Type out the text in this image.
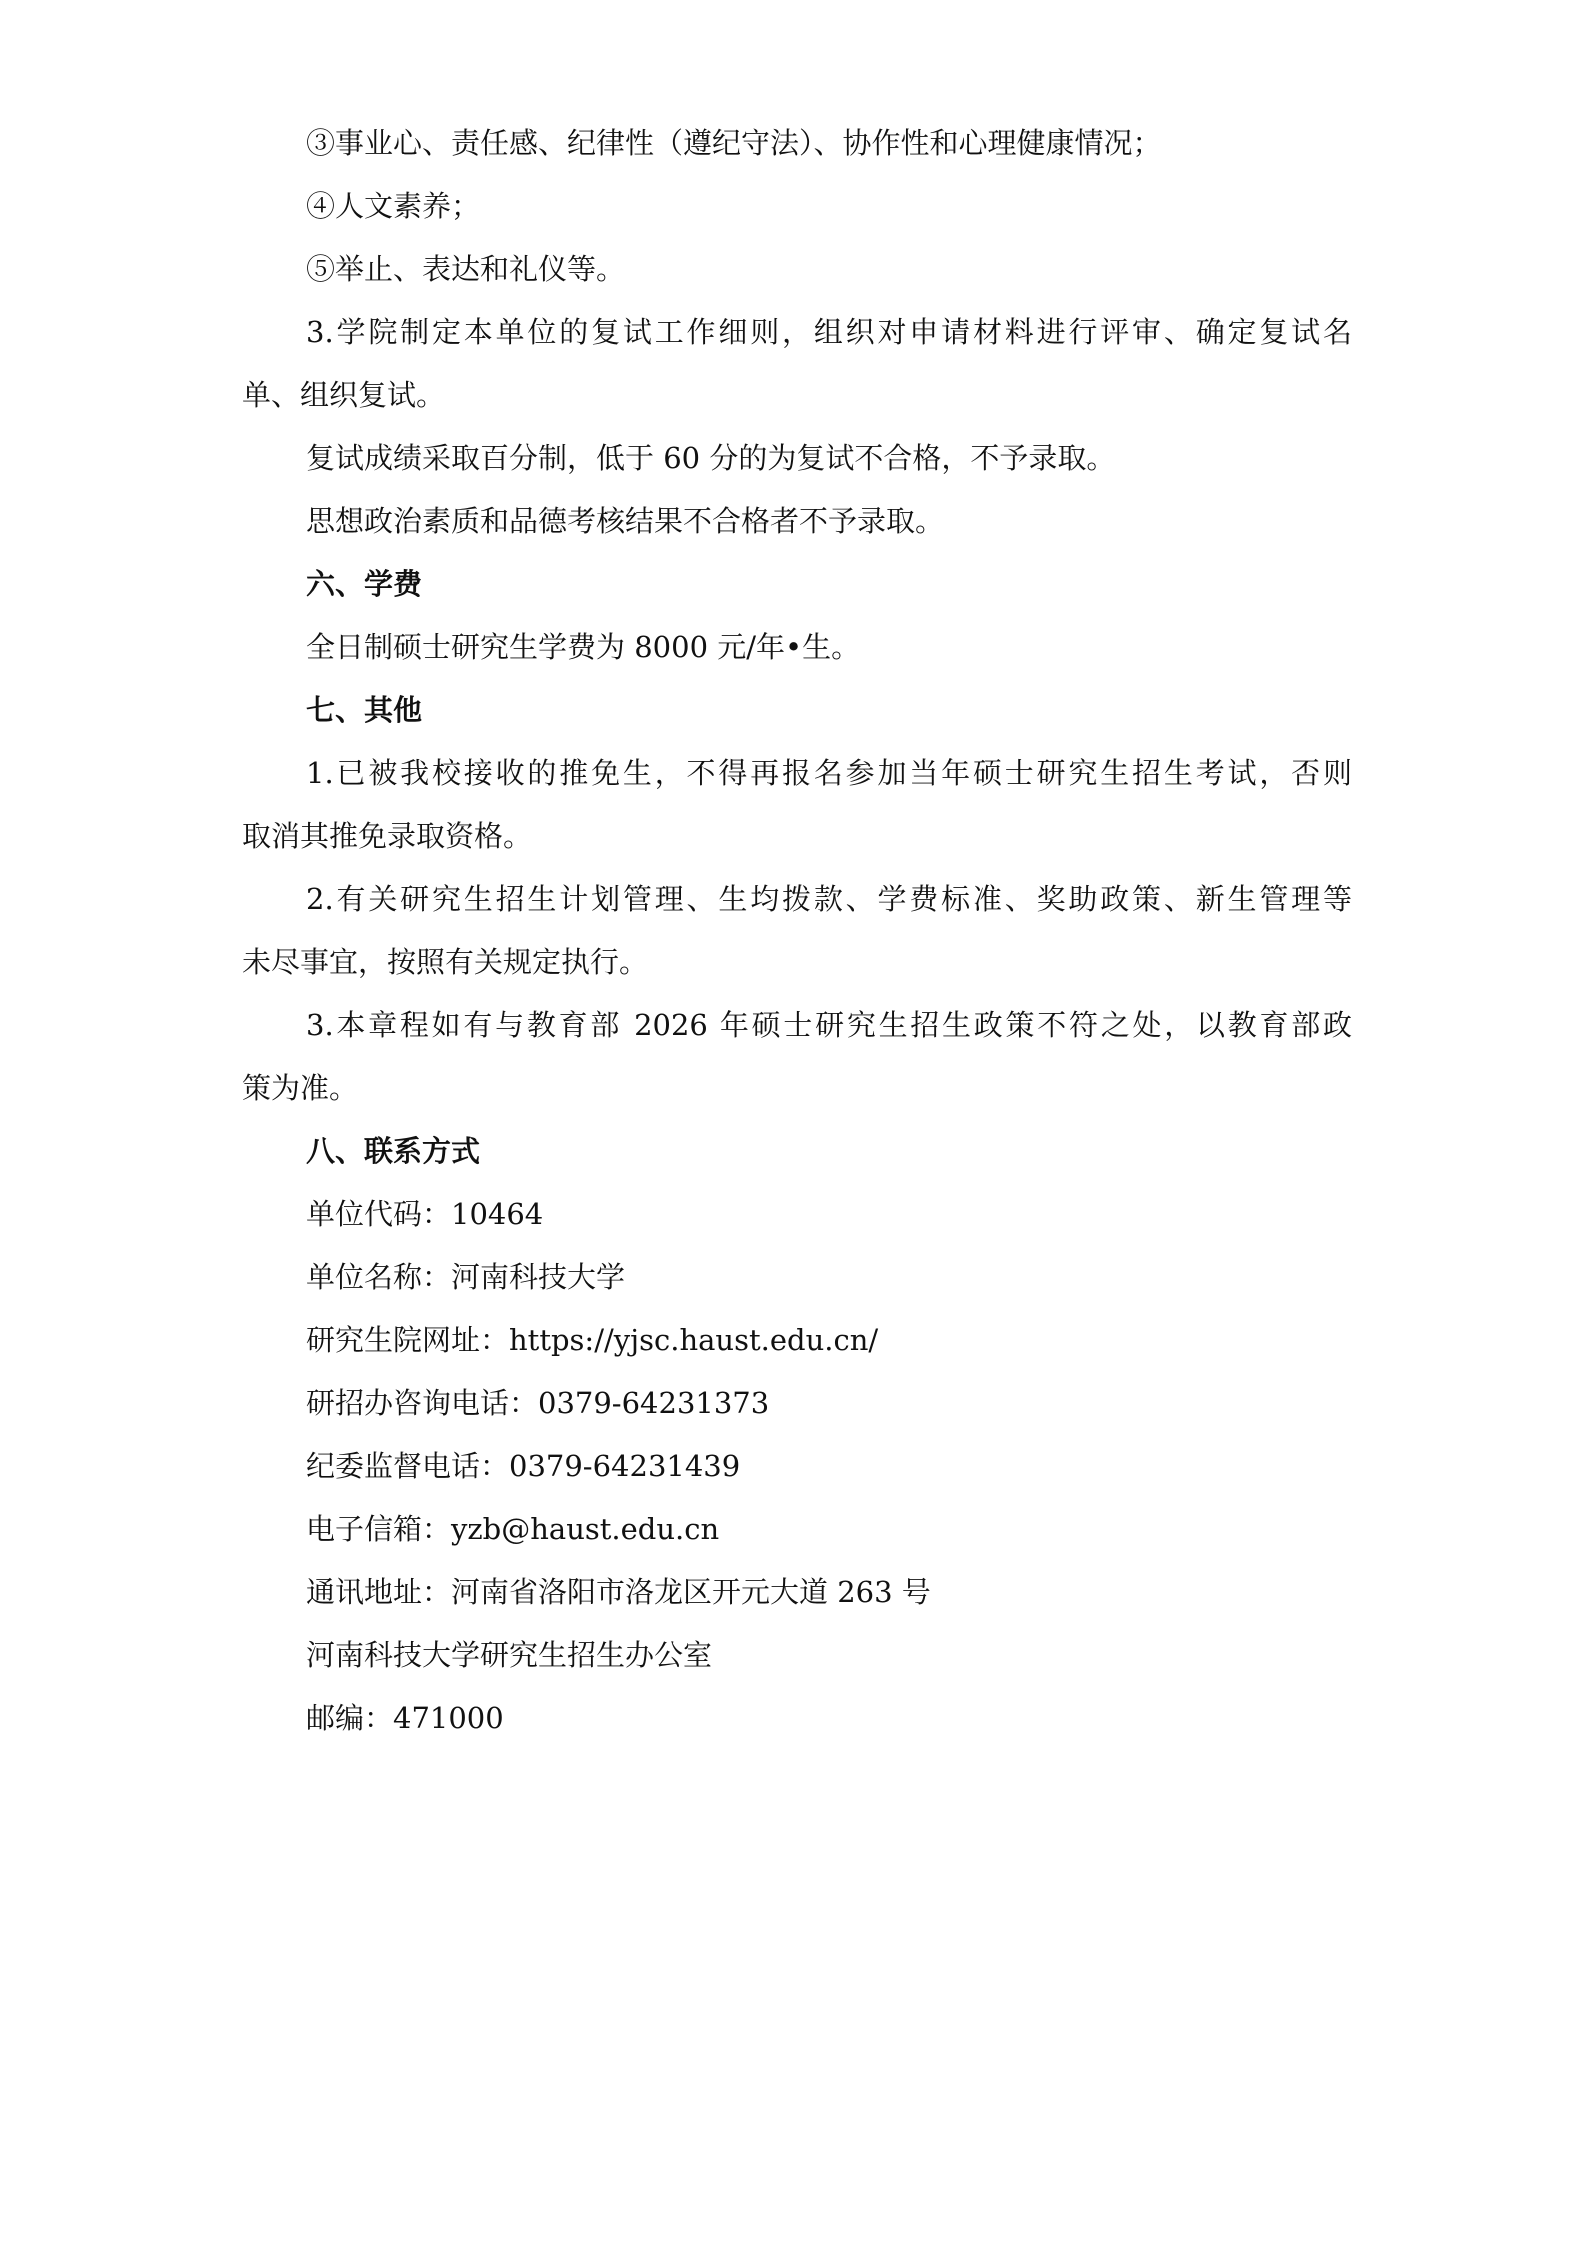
③事业心、责任感、纪律性（遵纪守法）、协作性和心理健康情况；

④人文素养；

⑤举止、表达和礼仪等。

3.学院制定本单位的复试工作细则，组织对申请材料进行评审、确定复试名

单、组织复试。

复试成绩采取百分制，低于 60 分的为复试不合格，不予录取。

思想政治素质和品德考核结果不合格者不予录取。

六、学费

全日制硕士研究生学费为 8000 元/年•生。

七、其他

1.已被我校接收的推免生，不得再报名参加当年硕士研究生招生考试，否则

取消其推免录取资格。

2.有关研究生招生计划管理、生均拨款、学费标准、奖助政策、新生管理等

未尽事宜，按照有关规定执行。

3.本章程如有与教育部 2026 年硕士研究生招生政策不符之处，以教育部政

策为准。

八、联系方式

单位代码：10464

单位名称：河南科技大学

研究生院网址：https://yjsc.haust.edu.cn/

研招办咨询电话：0379-64231373

纪委监督电话：0379-64231439

电子信箱：yzb@haust.edu.cn

通讯地址：河南省洛阳市洛龙区开元大道 263 号

河南科技大学研究生招生办公室

邮编：471000
